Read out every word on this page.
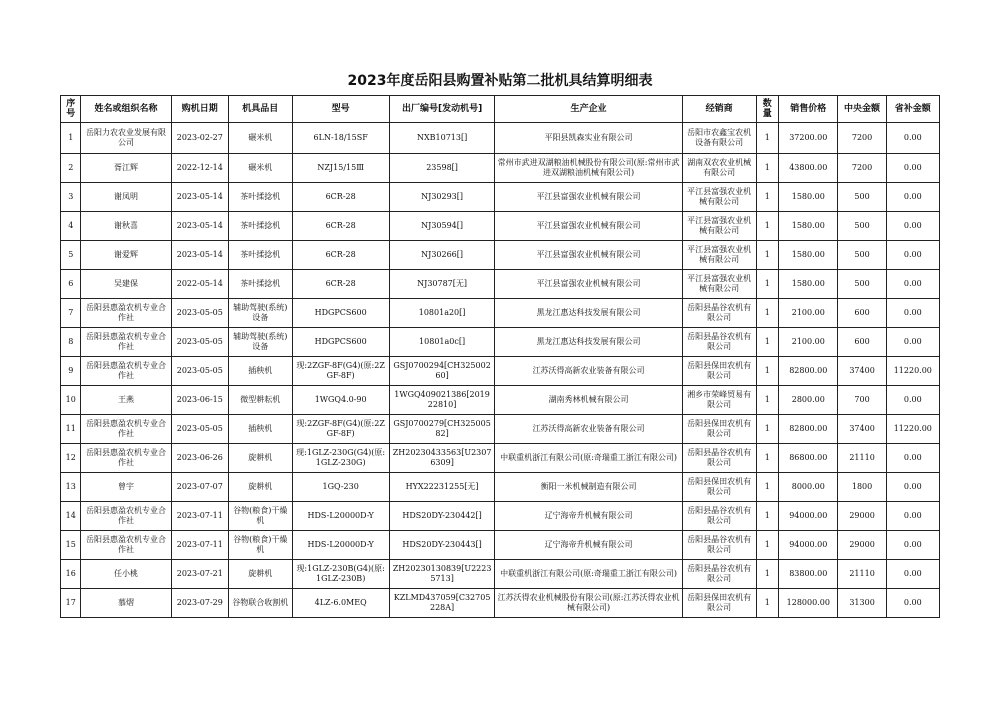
2023年度岳阳县购置补贴第二批机具结算明细表
序号	姓名或组织名称	购机日期	机具品目	型号	出厂编号[发动机号]	生产企业	经销商	数量	销售价格	中央金额	省补金额
1	岳阳力农农业发展有限公司	2023-02-27	碾米机	6LN-18/15SF	NXB10713[]	平阳县凯森实业有限公司	岳阳市农鑫宝农机设备有限公司	1	37200.00	7200	0.00
2	胥江辉	2022-12-14	碾米机	NZJ15/15Ⅲ	23598[]	常州市武进双湖粮油机械股份有限公司(原:常州市武进双湖粮油机械有限公司)	湖南双农农业机械有限公司	1	43800.00	7200	0.00
3	谢凤明	2023-05-14	茶叶揉捻机	6CR-28	NJ30293[]	平江县富强农业机械有限公司	平江县富强农业机械有限公司	1	1580.00	500	0.00
4	谢秋喜	2023-05-14	茶叶揉捻机	6CR-28	NJ30594[]	平江县富强农业机械有限公司	平江县富强农业机械有限公司	1	1580.00	500	0.00
5	谢爱辉	2023-05-14	茶叶揉捻机	6CR-28	NJ30266[]	平江县富强农业机械有限公司	平江县富强农业机械有限公司	1	1580.00	500	0.00
6	吴建保	2022-05-14	茶叶揉捻机	6CR-28	NJ30787[无]	平江县富强农业机械有限公司	平江县富强农业机械有限公司	1	1580.00	500	0.00
7	岳阳县惠盈农机专业合作社	2023-05-05	辅助驾驶(系统)设备	HDGPCS600	10801a20[]	黑龙江惠达科技发展有限公司	岳阳县晶谷农机有限公司	1	2100.00	600	0.00
8	岳阳县惠盈农机专业合作社	2023-05-05	辅助驾驶(系统)设备	HDGPCS600	10801a0c[]	黑龙江惠达科技发展有限公司	岳阳县晶谷农机有限公司	1	2100.00	600	0.00
9	岳阳县惠盈农机专业合作社	2023-05-05	插秧机	现:2ZGF-8F(G4)(原:2ZGF-8F)	GSJ0700294[CH32500260]	江苏沃得高新农业装备有限公司	岳阳县保田农机有限公司	1	82800.00	37400	11220.00
10	王燕	2023-06-15	微型耕耘机	1WGQ4.0-90	1WGQ409021386[201922810]	湖南秀林机械有限公司	湘乡市荣峰贸易有限公司	1	2800.00	700	0.00
11	岳阳县惠盈农机专业合作社	2023-05-05	插秧机	现:2ZGF-8F(G4)(原:2ZGF-8F)	GSJ0700279[CH32500582]	江苏沃得高新农业装备有限公司	岳阳县保田农机有限公司	1	82800.00	37400	11220.00
12	岳阳县惠盈农机专业合作社	2023-06-26	旋耕机	现:1GLZ-230G(G4)(原:1GLZ-230G)	ZH20230433563[U23076309]	中联重机浙江有限公司(原:奇瑞重工浙江有限公司)	岳阳县晶谷农机有限公司	1	86800.00	21110	0.00
13	曾宇	2023-07-07	旋耕机	1GQ-230	HYX22231255[无]	衡阳一米机械制造有限公司	岳阳县保田农机有限公司	1	8000.00	1800	0.00
14	岳阳县惠盈农机专业合作社	2023-07-11	谷物(粮食)干燥机	HDS-L20000D-Y	HDS20DY-230442[]	辽宁海帝升机械有限公司	岳阳县晶谷农机有限公司	1	94000.00	29000	0.00
15	岳阳县惠盈农机专业合作社	2023-07-11	谷物(粮食)干燥机	HDS-L20000D-Y	HDS20DY-230443[]	辽宁海帝升机械有限公司	岳阳县晶谷农机有限公司	1	94000.00	29000	0.00
16	任小桃	2023-07-21	旋耕机	现:1GLZ-230B(G4)(原:1GLZ-230B)	ZH20230130839[U22235713]	中联重机浙江有限公司(原:奇瑞重工浙江有限公司)	岳阳县晶谷农机有限公司	1	83800.00	21110	0.00
17	慕熠	2023-07-29	谷物联合收割机	4LZ-6.0MEQ	KZLMD437059[C32705228A]	江苏沃得农业机械股份有限公司(原:江苏沃得农业机械有限公司)	岳阳县保田农机有限公司	1	128000.00	31300	0.00
